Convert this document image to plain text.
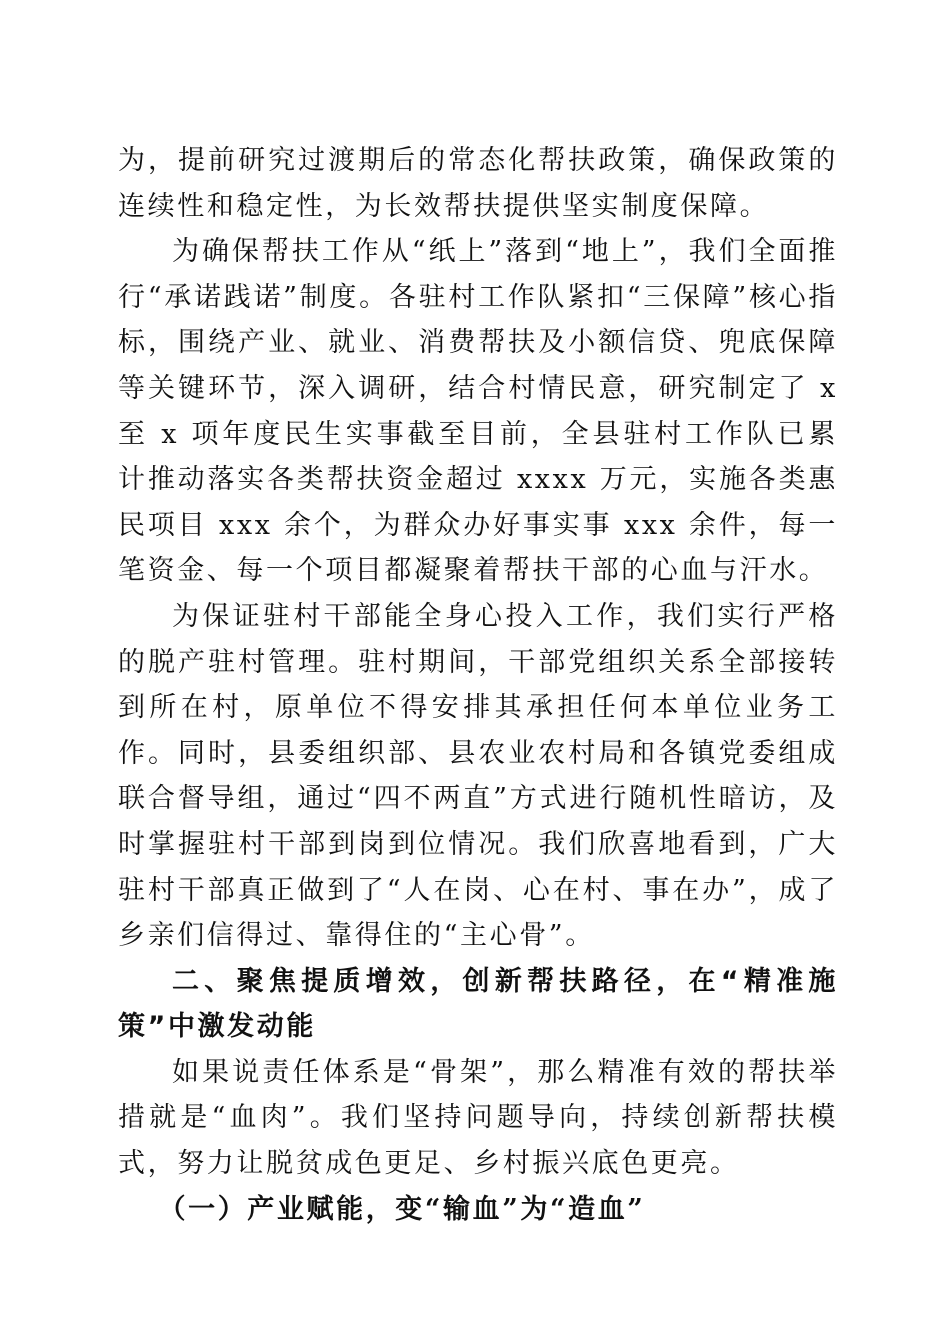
为，提前研究过渡期后的常态化帮扶政策，确保政策的连续性和稳定性，为长效帮扶提供坚实制度保障。

为确保帮扶工作从“纸上”落到“地上”，我们全面推行“承诺践诺”制度。各驻村工作队紧扣“三保障”核心指标，围绕产业、就业、消费帮扶及小额信贷、兜底保障等关键环节，深入调研，结合村情民意，研究制定了 x 至 x 项年度民生实事截至目前，全县驻村工作队已累计推动落实各类帮扶资金超过 xxxx 万元，实施各类惠民项目 xxx 余个，为群众办好事实事 xxx 余件，每一笔资金、每一个项目都凝聚着帮扶干部的心血与汗水。

为保证驻村干部能全身心投入工作，我们实行严格的脱产驻村管理。驻村期间，干部党组织关系全部接转到所在村，原单位不得安排其承担任何本单位业务工作。同时，县委组织部、县农业农村局和各镇党委组成联合督导组，通过“四不两直”方式进行随机性暗访，及时掌握驻村干部到岗到位情况。我们欣喜地看到，广大驻村干部真正做到了“人在岗、心在村、事在办”，成了乡亲们信得过、靠得住的“主心骨”。

二、聚焦提质增效，创新帮扶路径，在“精准施策”中激发动能

如果说责任体系是“骨架”，那么精准有效的帮扶举措就是“血肉”。我们坚持问题导向，持续创新帮扶模式，努力让脱贫成色更足、乡村振兴底色更亮。

（一）产业赋能，变“输血”为“造血”
